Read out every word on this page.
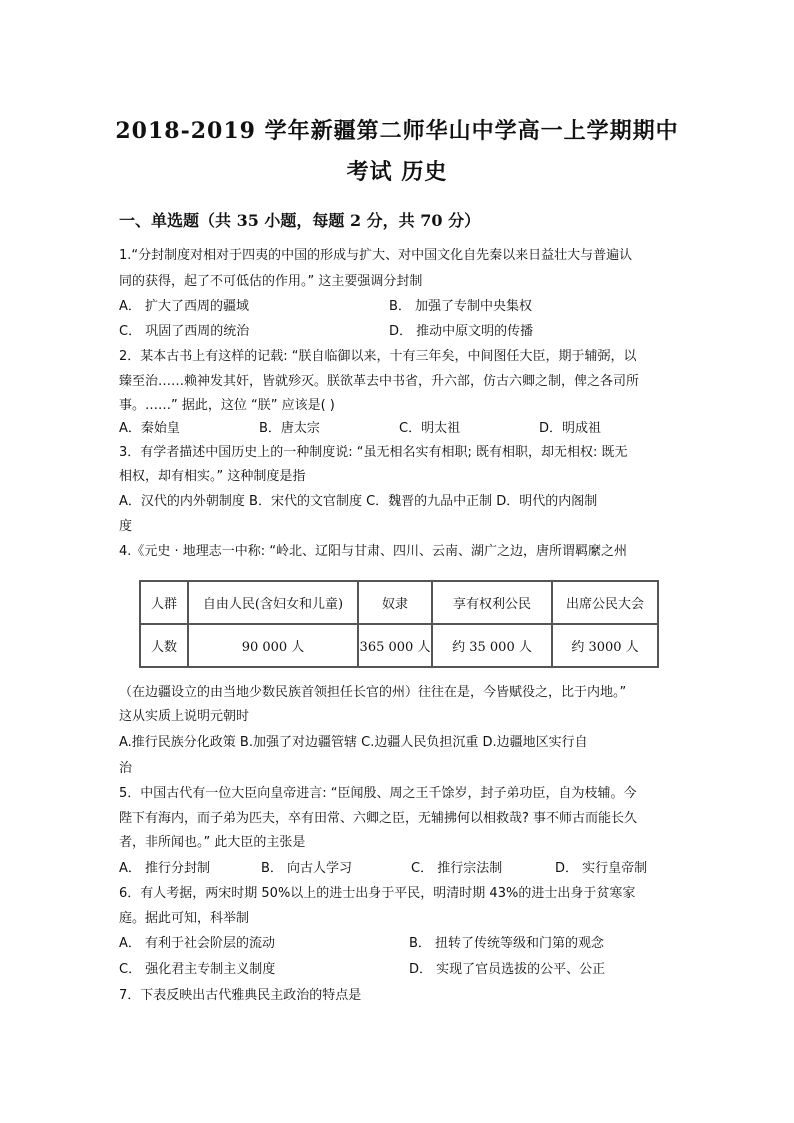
2018-2019 学年新疆第二师华山中学高一上学期期中
考试 历史
一、单选题（共 35 小题，每题 2 分，共 70 分）
1.“分封制度对相对于四夷的中国的形成与扩大、对中国文化自先秦以来日益壮大与普遍认
同的获得，起了不可低估的作用。” 这主要强调分封制
A． 扩大了西周的疆域	B． 加强了专制中央集权
C． 巩固了西周的统治	D． 推动中原文明的传播
2．某本古书上有这样的记载: “朕自临御以来，十有三年矣，中间图任大臣，期于辅弼，以
臻至治……赖神发其奸，皆就殄灭。朕欲革去中书省，升六部，仿古六卿之制，俾之各司所
事。……” 据此，这位 “朕” 应该是( )
A．秦始皇	B．唐太宗	C．明太祖	D．明成祖
3．有学者描述中国历史上的一种制度说: “虽无相名实有相职; 既有相职，却无相权: 既无
相权，却有相实。” 这种制度是指
A．汉代的内外朝制度 B．宋代的文官制度 C．魏晋的九品中正制 D．明代的内阁制
度
4.《元史 · 地理志一中称: “岭北、辽阳与甘肃、四川、云南、湖广之边，唐所谓羁縻之州
人群	自由人民(含妇女和儿童)	奴隶	享有权利公民	出席公民大会
人数	90 000 人	365 000 人	约 35 000 人	约 3000 人
（在边疆设立的由当地少数民族首领担任长官的州）往往在是，今皆赋役之，比于内地。”
这从实质上说明元朝时
A.推行民族分化政策 B.加强了对边疆管辖 C.边疆人民负担沉重 D.边疆地区实行自
治
5．中国古代有一位大臣向皇帝进言: “臣闻殷、周之王千馀岁，封子弟功臣，自为枝辅。今
陛下有海内，而子弟为匹夫，卒有田常、六卿之臣，无辅拂何以相救哉? 事不师古而能长久
者，非所闻也。” 此大臣的主张是
A． 推行分封制	B． 向古人学习	C． 推行宗法制	D． 实行皇帝制
6．有人考据，两宋时期 50%以上的进士出身于平民，明清时期 43%的进士出身于贫寒家
庭。据此可知，科举制
A． 有利于社会阶层的流动	B． 扭转了传统等级和门第的观念
C． 强化君主专制主义制度	D． 实现了官员选拔的公平、公正
7．下表反映出古代雅典民主政治的特点是
